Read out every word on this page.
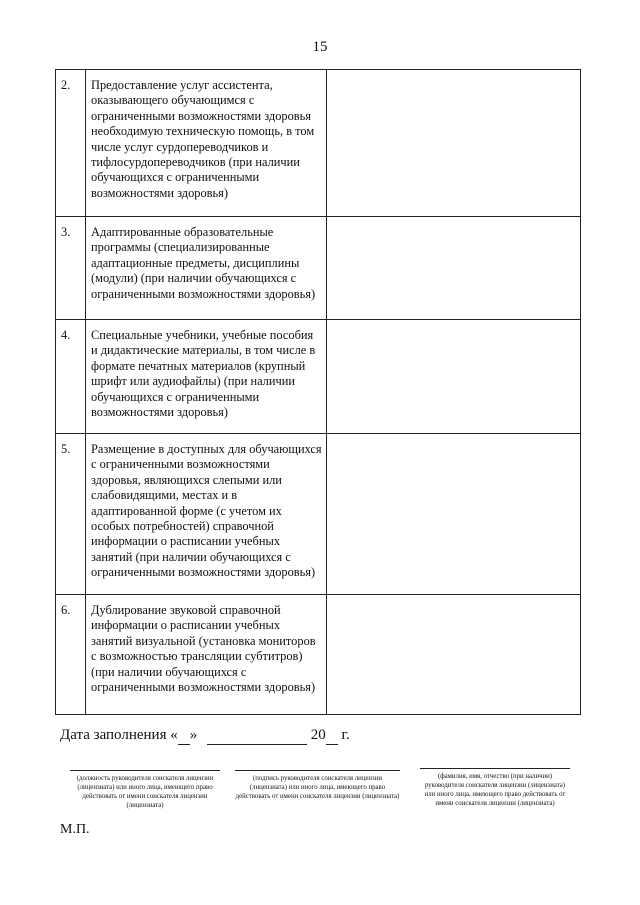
15
2.	Предоставление услуг ассистента, оказывающего обучающимся с ограниченными возможностями здоровья необходимую техническую помощь, в том числе услуг сурдопереводчиков и тифлосурдопереводчиков (при наличии обучающихся с ограниченными возможностями здоровья)	
3.	Адаптированные образовательные программы (специализированные адаптационные предметы, дисциплины (модули) (при наличии обучающихся с ограниченными возможностями здоровья)	
4.	Специальные учебники, учебные пособия и дидактические материалы, в том числе в формате печатных материалов (крупный шрифт или аудиофайлы) (при наличии обучающихся с ограниченными возможностями здоровья)	
5.	Размещение в доступных для обучающихся с ограниченными возможностями здоровья, являющихся слепыми или слабовидящими, местах и в адаптированной форме (с учетом их особых потребностей) справочной информации о расписании учебных занятий (при наличии обучающихся с ограниченными возможностями здоровья)	
6.	Дублирование звуковой справочной информации о расписании учебных занятий визуальной (установка мониторов с возможностью трансляции субтитров) (при наличии обучающихся с ограниченными возможностями здоровья)	
Дата заполнения « »	20  г.
(должность руководителя соискателя лицензии (лицензиата) или иного лица, имеющего право действовать от имени соискателя лицензии (лицензиата)
(подпись руководителя соискателя лицензии (лицензиата) или иного лица, имеющего право действовать от имени соискателя лицензии (лицензиата)
(фамилия, имя, отчество (при наличии) руководителя соискателя лицензии (лицензиата) или иного лица, имеющего право действовать от имени соискателя лицензии (лицензиата)
М.П.
